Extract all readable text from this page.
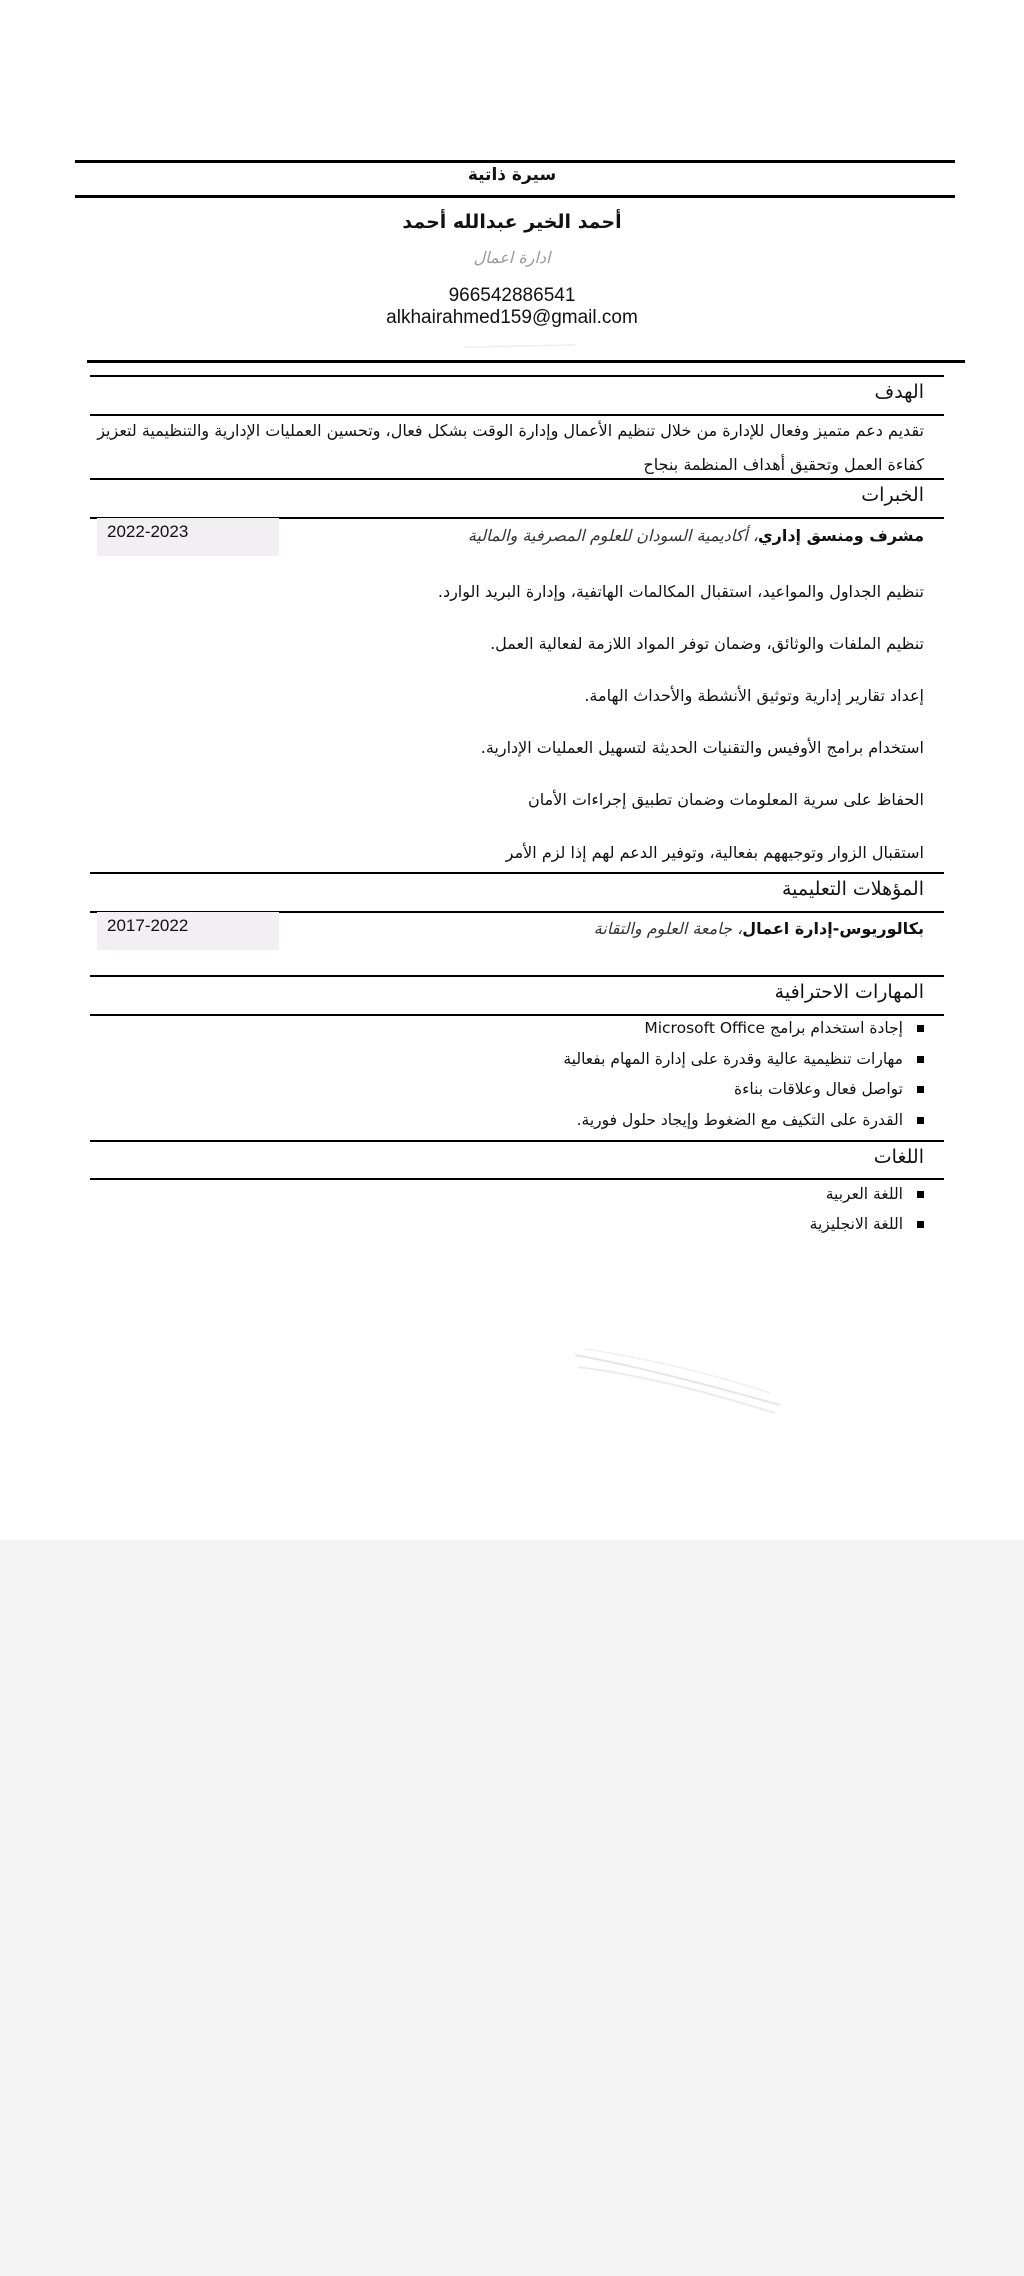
سيرة ذاتية
أحمد الخير عبدالله أحمد
ادارة اعمال
966542886541
alkhairahmed159@gmail.com
الهدف
تقديم دعم متميز وفعال للإدارة من خلال تنظيم الأعمال وإدارة الوقت بشكل فعال، وتحسين العمليات الإدارية والتنظيمية لتعزيز كفاءة العمل وتحقيق أهداف المنظمة بنجاح
الخبرات
2022-2023	مشرف ومنسق إداري، أكاديمية السودان للعلوم المصرفية والمالية
تنظيم الجداول والمواعيد، استقبال المكالمات الهاتفية، وإدارة البريد الوارد.
تنظيم الملفات والوثائق، وضمان توفر المواد اللازمة لفعالية العمل.
إعداد تقارير إدارية وتوثيق الأنشطة والأحداث الهامة.
استخدام برامج الأوفيس والتقنيات الحديثة لتسهيل العمليات الإدارية.
الحفاظ على سرية المعلومات وضمان تطبيق إجراءات الأمان
استقبال الزوار وتوجيههم بفعالية، وتوفير الدعم لهم إذا لزم الأمر
المؤهلات التعليمية
2017-2022	بكالوريوس-إدارة اعمال، جامعة العلوم والتقانة
المهارات الاحترافية
إجادة استخدام برامج Microsoft Office
مهارات تنظيمية عالية وقدرة على إدارة المهام بفعالية
تواصل فعال وعلاقات بناءة
القدرة على التكيف مع الضغوط وإيجاد حلول فورية.
اللغات
اللغة العربية
اللغة الانجليزية
